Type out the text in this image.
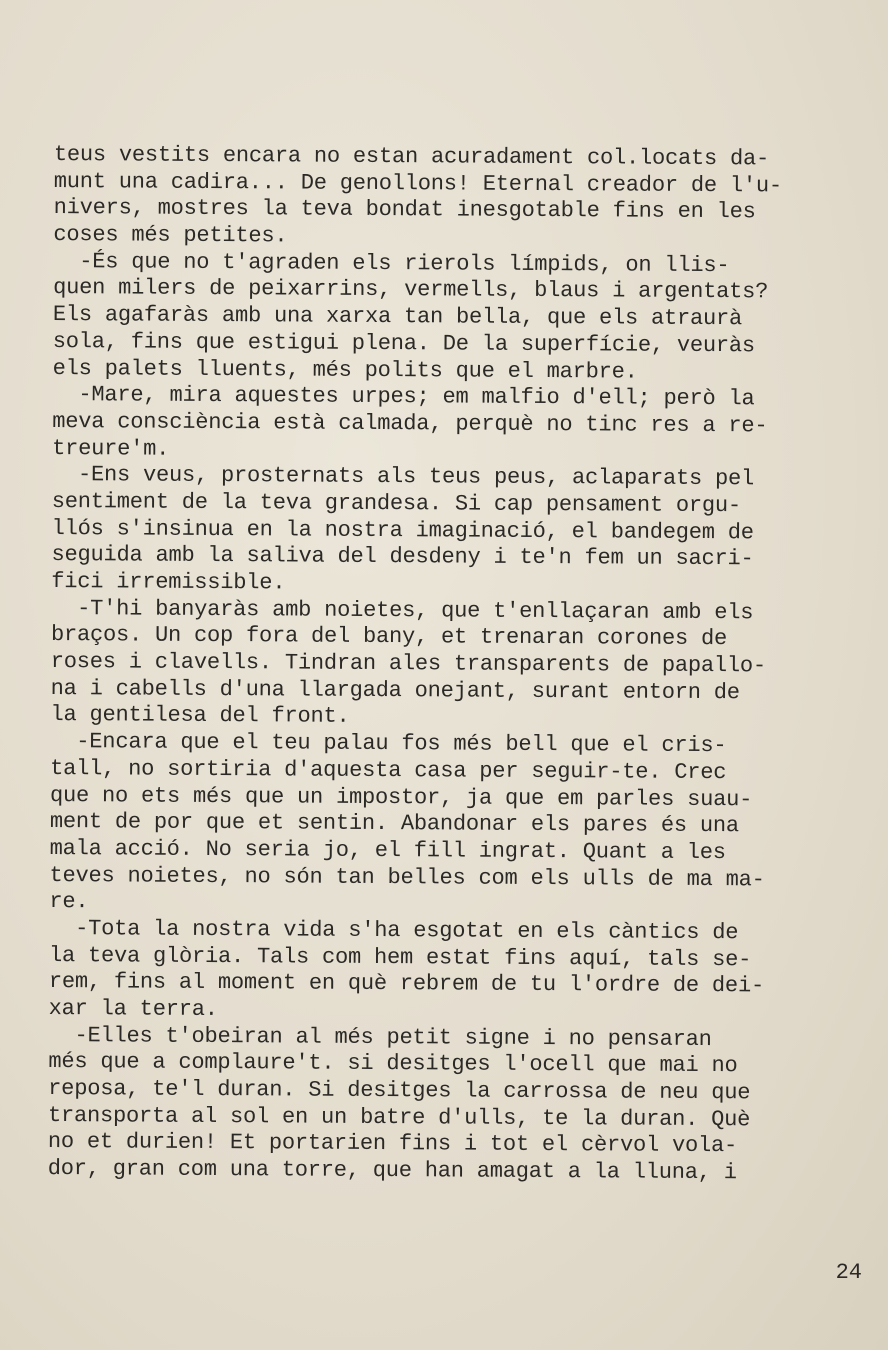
teus vestits encara no estan acuradament col.locats da-
munt una cadira... De genollons! Eternal creador de l'u-
nivers, mostres la teva bondat inesgotable fins en les
coses més petites.
-És que no t'agraden els rierols límpids, on llis-
quen milers de peixarrins, vermells, blaus i argentats?
Els agafaràs amb una xarxa tan bella, que els atraurà
sola, fins que estigui plena. De la superfície, veuràs
els palets lluents, més polits que el marbre.
-Mare, mira aquestes urpes; em malfio d'ell; però la
meva consciència està calmada, perquè no tinc res a re-
treure'm.
-Ens veus, prosternats als teus peus, aclaparats pel
sentiment de la teva grandesa. Si cap pensament orgu-
llós s'insinua en la nostra imaginació, el bandegem de
seguida amb la saliva del desdeny i te'n fem un sacri-
fici irremissible.
-T'hi banyaràs amb noietes, que t'enllaçaran amb els
braços. Un cop fora del bany, et trenaran corones de
roses i clavells. Tindran ales transparents de papallo-
na i cabells d'una llargada onejant, surant entorn de
la gentilesa del front.
-Encara que el teu palau fos més bell que el cris-
tall, no sortiria d'aquesta casa per seguir-te. Crec
que no ets més que un impostor, ja que em parles suau-
ment de por que et sentin. Abandonar els pares és una
mala acció. No seria jo, el fill ingrat. Quant a les
teves noietes, no són tan belles com els ulls de ma ma-
re.
-Tota la nostra vida s'ha esgotat en els càntics de
la teva glòria. Tals com hem estat fins aquí, tals se-
rem, fins al moment en què rebrem de tu l'ordre de dei-
xar la terra.
-Elles t'obeiran al més petit signe i no pensaran
més que a complaure't. si desitges l'ocell que mai no
reposa, te'l duran. Si desitges la carrossa de neu que
transporta al sol en un batre d'ulls, te la duran. Què
no et durien! Et portarien fins i tot el cèrvol vola-
dor, gran com una torre, que han amagat a la lluna, i
24
